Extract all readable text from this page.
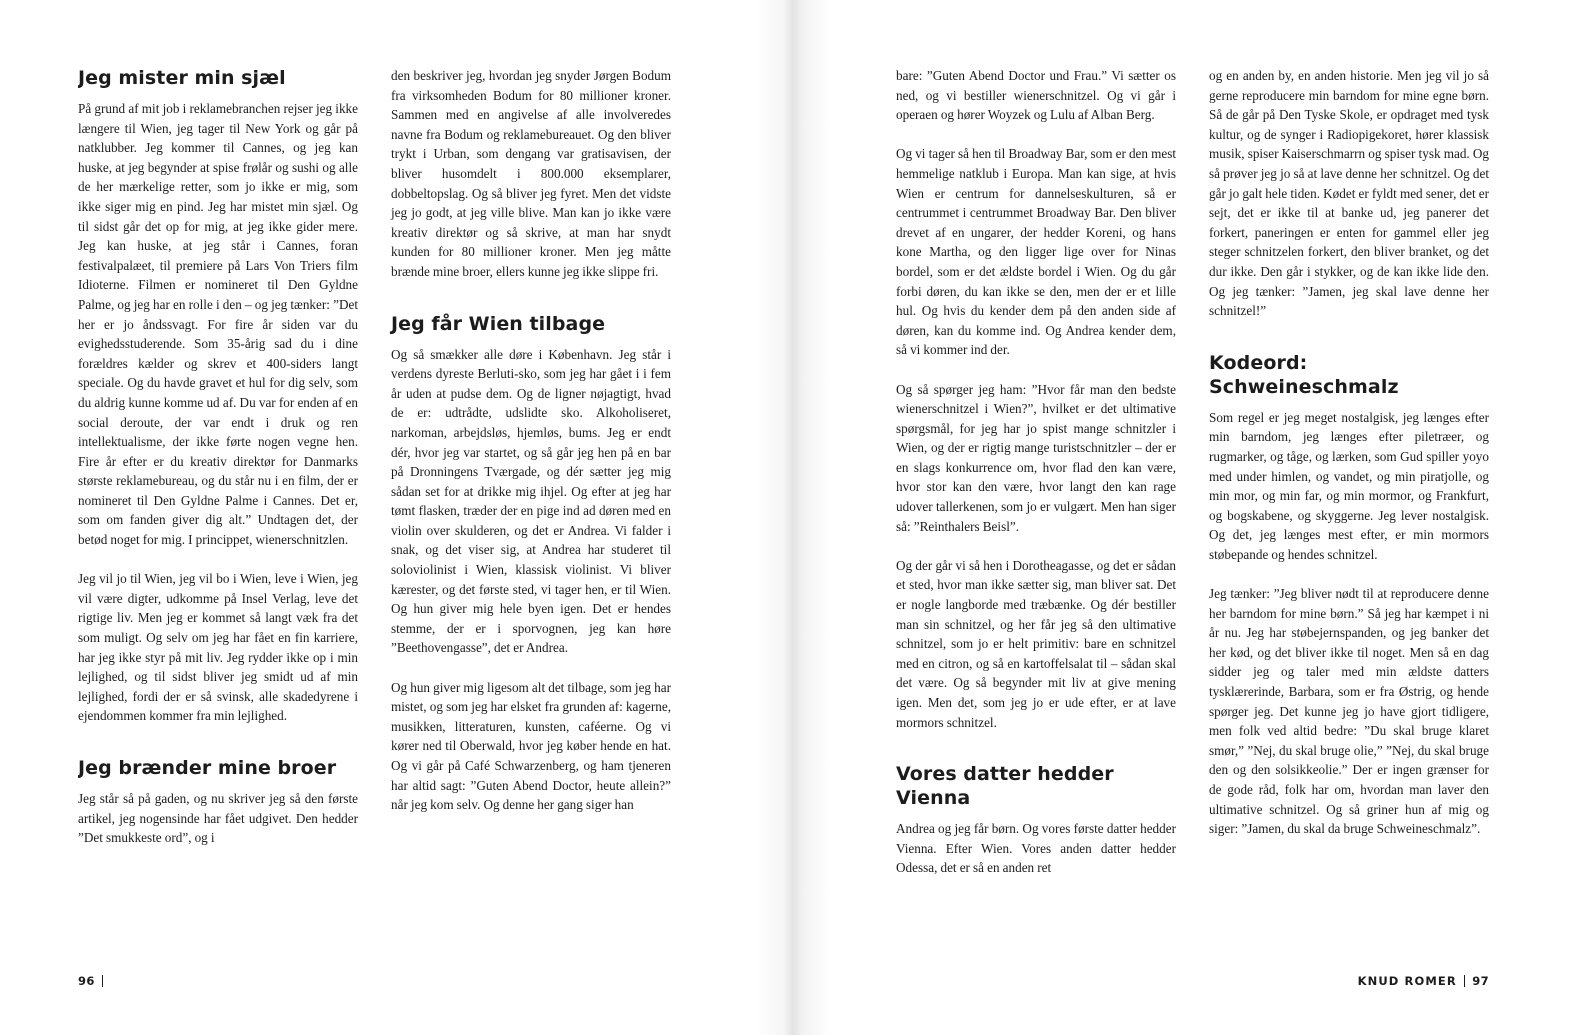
Jeg mister min sjæl

På grund af mit job i reklamebranchen rejser jeg ikke længere til Wien, jeg tager til New York og går på natklubber. Jeg kommer til Cannes, og jeg kan huske, at jeg begynder at spise frølår og sushi og alle de her mærkelige retter, som jo ikke er mig, som ikke siger mig en pind. Jeg har mistet min sjæl. Og til sidst går det op for mig, at jeg ikke gider mere. Jeg kan huske, at jeg står i Cannes, foran festivalpalæet, til premiere på Lars Von Triers film Idioterne. Filmen er nomineret til Den Gyldne Palme, og jeg har en rolle i den – og jeg tænker: ”Det her er jo åndssvagt. For fire år siden var du evighedsstuderende. Som 35-årig sad du i dine forældres kælder og skrev et 400-siders langt speciale. Og du havde gravet et hul for dig selv, som du aldrig kunne komme ud af. Du var for enden af en social deroute, der var endt i druk og ren intellektualisme, der ikke førte nogen vegne hen. Fire år efter er du kreativ direktør for Danmarks største reklamebureau, og du står nu i en film, der er nomineret til Den Gyldne Palme i Cannes. Det er, som om fanden giver dig alt.” Undtagen det, der betød noget for mig. I princippet, wienerschnitzlen.

Jeg vil jo til Wien, jeg vil bo i Wien, leve i Wien, jeg vil være digter, udkomme på Insel Verlag, leve det rigtige liv. Men jeg er kommet så langt væk fra det som muligt. Og selv om jeg har fået en fin karriere, har jeg ikke styr på mit liv. Jeg rydder ikke op i min lejlighed, og til sidst bliver jeg smidt ud af min lejlighed, fordi der er så svinsk, alle skadedyrene i ejendommen kommer fra min lejlighed.

Jeg brænder mine broer

Jeg står så på gaden, og nu skriver jeg så den første artikel, jeg nogensinde har fået udgivet. Den hedder ”Det smukkeste ord”, og i

den beskriver jeg, hvordan jeg snyder Jørgen Bodum fra virksomheden Bodum for 80 millioner kroner. Sammen med en angivelse af alle involveredes navne fra Bodum og reklamebureauet. Og den bliver trykt i Urban, som dengang var gratisavisen, der bliver husomdelt i 800.000 eksemplarer, dobbeltopslag. Og så bliver jeg fyret. Men det vidste jeg jo godt, at jeg ville blive. Man kan jo ikke være kreativ direktør og så skrive, at man har snydt kunden for 80 millioner kroner. Men jeg måtte brænde mine broer, ellers kunne jeg ikke slippe fri.

Jeg får Wien tilbage

Og så smækker alle døre i København. Jeg står i verdens dyreste Berluti-sko, som jeg har gået i i fem år uden at pudse dem. Og de ligner nøjagtigt, hvad de er: udtrådte, udslidte sko. Alkoholiseret, narkoman, arbejdsløs, hjemløs, bums. Jeg er endt dér, hvor jeg var startet, og så går jeg hen på en bar på Dronningens Tværgade, og dér sætter jeg mig sådan set for at drikke mig ihjel. Og efter at jeg har tømt flasken, træder der en pige ind ad døren med en violin over skulderen, og det er Andrea. Vi falder i snak, og det viser sig, at Andrea har studeret til soloviolinist i Wien, klassisk violinist. Vi bliver kærester, og det første sted, vi tager hen, er til Wien. Og hun giver mig hele byen igen. Det er hendes stemme, der er i sporvognen, jeg kan høre ”Beethovengasse”, det er Andrea.

Og hun giver mig ligesom alt det tilbage, som jeg har mistet, og som jeg har elsket fra grunden af: kagerne, musikken, litteraturen, kunsten, caféerne. Og vi kører ned til Oberwald, hvor jeg køber hende en hat. Og vi går på Café Schwarzenberg, og ham tjeneren har altid sagt: ”Guten Abend Doctor, heute allein?” når jeg kom selv. Og denne her gang siger han

96

bare: ”Guten Abend Doctor und Frau.” Vi sætter os ned, og vi bestiller wienerschnitzel. Og vi går i operaen og hører Woyzek og Lulu af Alban Berg.

Og vi tager så hen til Broadway Bar, som er den mest hemmelige natklub i Europa. Man kan sige, at hvis Wien er centrum for dannelseskulturen, så er centrummet i centrummet Broadway Bar. Den bliver drevet af en ungarer, der hedder Koreni, og hans kone Martha, og den ligger lige over for Ninas bordel, som er det ældste bordel i Wien. Og du går forbi døren, du kan ikke se den, men der er et lille hul. Og hvis du kender dem på den anden side af døren, kan du komme ind. Og Andrea kender dem, så vi kommer ind der.

Og så spørger jeg ham: ”Hvor får man den bedste wienerschnitzel i Wien?”, hvilket er det ultimative spørgsmål, for jeg har jo spist mange schnitzler i Wien, og der er rigtig mange turistschnitzler – der er en slags konkurrence om, hvor flad den kan være, hvor stor kan den være, hvor langt den kan rage udover tallerkenen, som jo er vulgært. Men han siger så: ”Reinthalers Beisl”.

Og der går vi så hen i Dorotheagasse, og det er sådan et sted, hvor man ikke sætter sig, man bliver sat. Det er nogle langborde med træbænke. Og dér bestiller man sin schnitzel, og her får jeg så den ultimative schnitzel, som jo er helt primitiv: bare en schnitzel med en citron, og så en kartoffelsalat til – sådan skal det være. Og så begynder mit liv at give mening igen. Men det, som jeg jo er ude efter, er at lave mormors schnitzel.

Vores datter hedder Vienna

Andrea og jeg får børn. Og vores første datter hedder Vienna. Efter Wien. Vores anden datter hedder Odessa, det er så en anden ret

og en anden by, en anden historie. Men jeg vil jo så gerne reproducere min barndom for mine egne børn. Så de går på Den Tyske Skole, er opdraget med tysk kultur, og de synger i Radiopigekoret, hører klassisk musik, spiser Kaiserschmarrn og spiser tysk mad. Og så prøver jeg jo så at lave denne her schnitzel. Og det går jo galt hele tiden. Kødet er fyldt med sener, det er sejt, det er ikke til at banke ud, jeg panerer det forkert, paneringen er enten for gammel eller jeg steger schnitzelen forkert, den bliver branket, og det dur ikke. Den går i stykker, og de kan ikke lide den. Og jeg tænker: ”Jamen, jeg skal lave denne her schnitzel!”

Kodeord: Schweineschmalz

Som regel er jeg meget nostalgisk, jeg længes efter min barndom, jeg længes efter piletræer, og rugmarker, og tåge, og lærken, som Gud spiller yoyo med under himlen, og vandet, og min piratjolle, og min mor, og min far, og min mormor, og Frankfurt, og bogskabene, og skyggerne. Jeg lever nostalgisk. Og det, jeg længes mest efter, er min mormors støbepande og hendes schnitzel.

Jeg tænker: ”Jeg bliver nødt til at reproducere denne her barndom for mine børn.” Så jeg har kæmpet i ni år nu. Jeg har støbejernspanden, og jeg banker det her kød, og det bliver ikke til noget. Men så en dag sidder jeg og taler med min ældste datters tysklærerinde, Barbara, som er fra Østrig, og hende spørger jeg. Det kunne jeg jo have gjort tidligere, men folk ved altid bedre: ”Du skal bruge klaret smør,” ”Nej, du skal bruge olie,” ”Nej, du skal bruge den og den solsikkeolie.” Der er ingen grænser for de gode råd, folk har om, hvordan man laver den ultimative schnitzel. Og så griner hun af mig og siger: ”Jamen, du skal da bruge Schweineschmalz”.

KNUD ROMER 97
